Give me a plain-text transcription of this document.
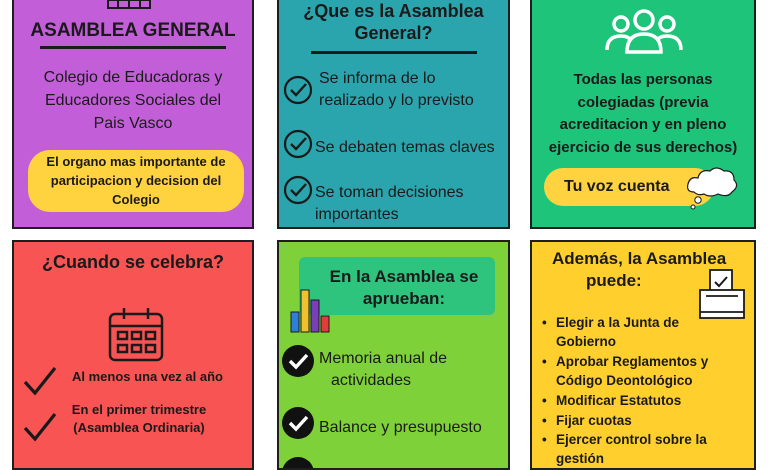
ASAMBLEA GENERAL
Colegio de Educadoras y
Educadores Sociales del
Pais Vasco
El organo mas importante de
participacion y decision del
Colegio
¿Que es la Asamblea
General?
Se informa de lo
realizado y lo previsto
Se debaten temas claves
Se toman decisiones
importantes
Todas las personas
colegiadas (previa
acreditacion y en pleno
ejercicio de sus derechos)
Tu voz cuenta
¿Cuando se celebra?
Al menos una vez al año
En el primer trimestre
(Asamblea Ordinaria)
En la Asamblea se
aprueban:
Memoria anual de
actividades
Balance y presupuesto
Además, la Asamblea
puede:
• Elegir a la Junta de
Gobierno
• Aprobar Reglamentos y
Código Deontológico
• Modificar Estatutos
• Fijar cuotas
• Ejercer control sobre la
gestión
